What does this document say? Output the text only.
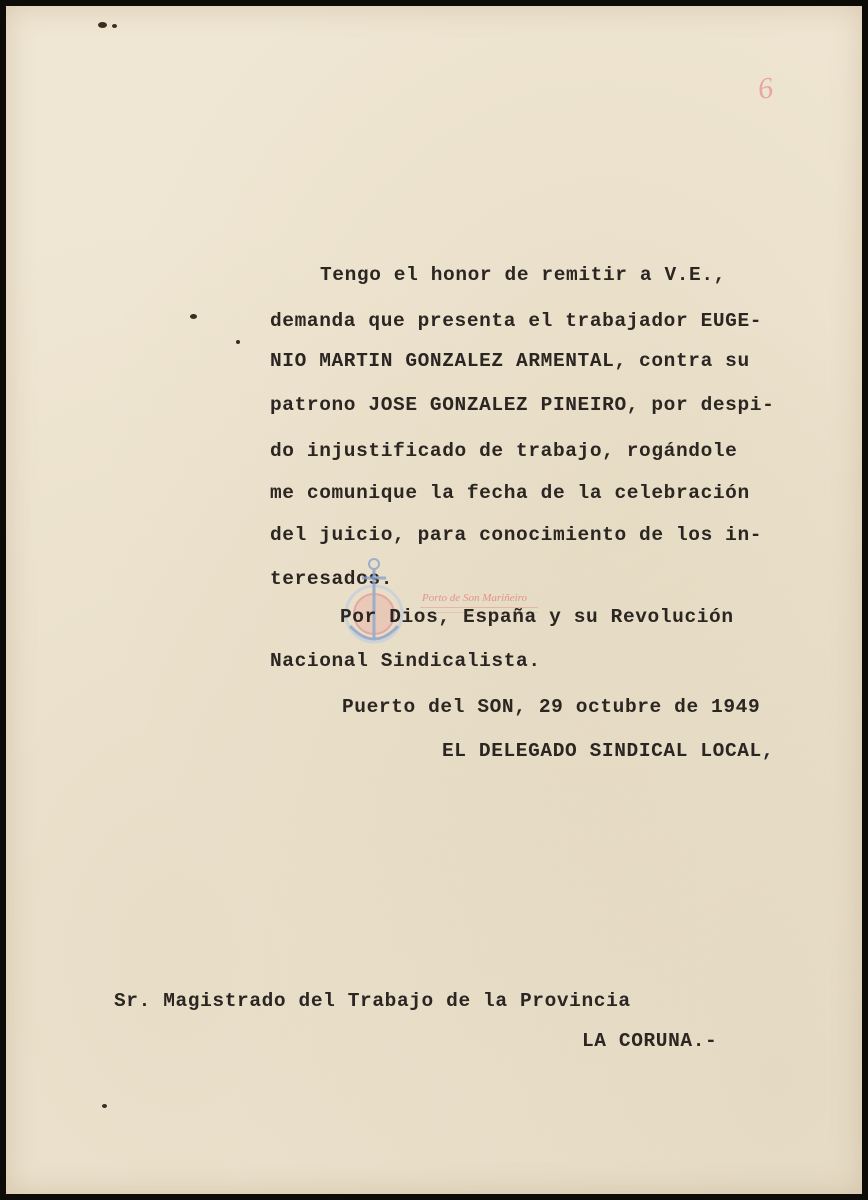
6

Tengo el honor de remitir a V.E.,

demanda que presenta el trabajador EUGE-

NIO MARTIN GONZALEZ ARMENTAL, contra su

patrono JOSE GONZALEZ PINEIRO, por despi-

do injustificado de trabajo, rogándole

me comunique la fecha de la celebración

del juicio, para conocimiento de los in-

teresados.

Porto de Son Mariñeiro

Por Dios, España y su Revolución

Nacional Sindicalista.

Puerto del SON, 29 octubre de 1949

EL DELEGADO SINDICAL LOCAL,

Sr. Magistrado del Trabajo de la Provincia

LA CORUNA.-
